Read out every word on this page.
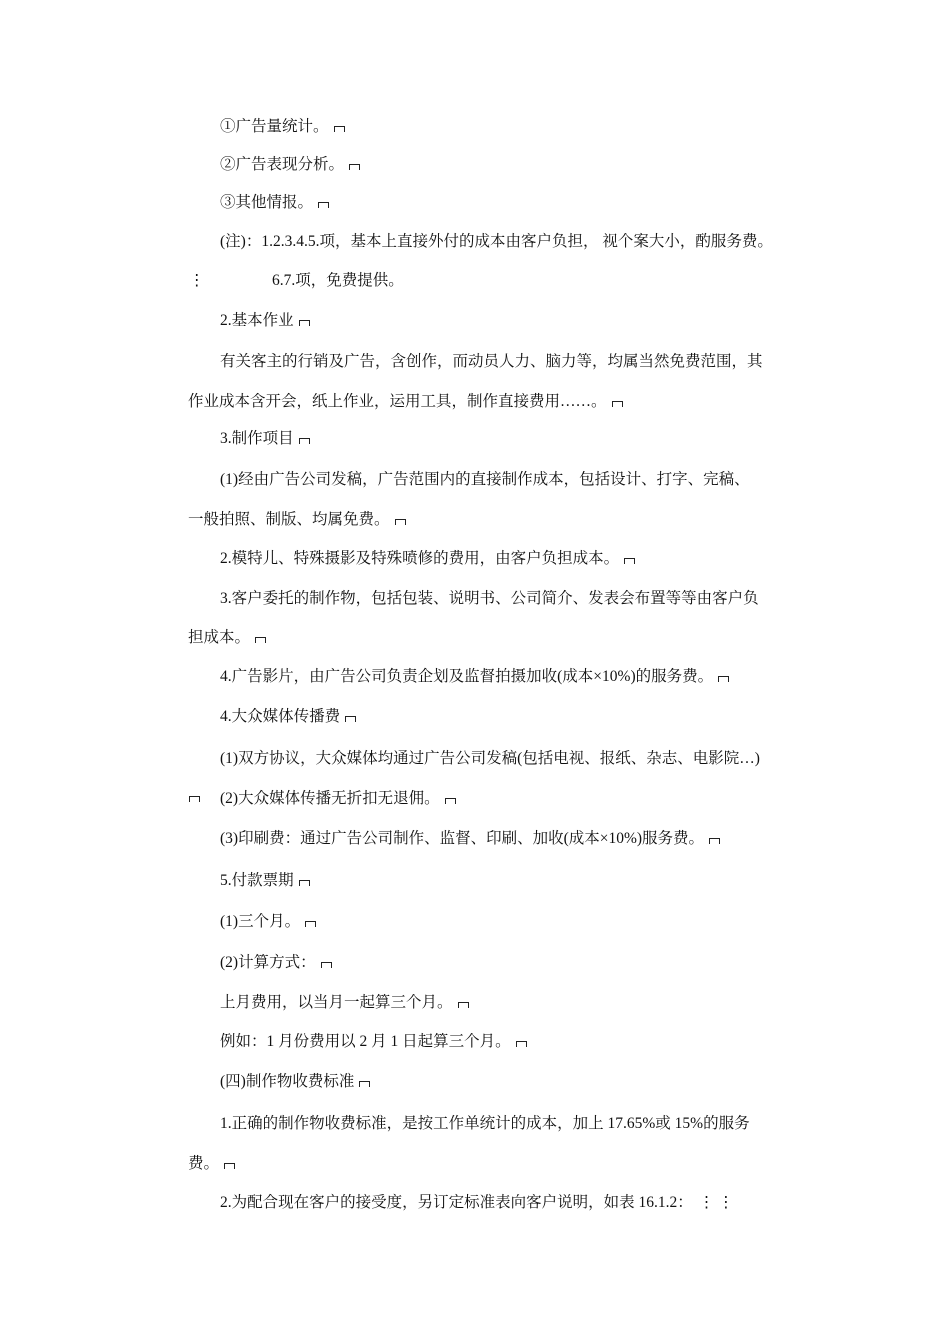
①广告量统计。
②广告表现分析。
③其他情报。
(注)：1.2.3.4.5.项，基本上直接外付的成本由客户负担， 视个案大小，酌服务费。
⋮	6.7.项，免费提供。
2.基本作业
有关客主的行销及广告，含创作，而动员人力、脑力等，均属当然免费范围，其
作业成本含开会，纸上作业，运用工具，制作直接费用……。
3.制作项目
(1)经由广告公司发稿，广告范围内的直接制作成本，包括设计、打字、完稿、
一般拍照、制版、均属免费。
2.模特儿、特殊摄影及特殊喷修的费用，由客户负担成本。
3.客户委托的制作物，包括包装、说明书、公司简介、发表会布置等等由客户负
担成本。
4.广告影片，由广告公司负责企划及监督拍摄加收(成本×10%)的服务费。
4.大众媒体传播费
(1)双方协议，大众媒体均通过广告公司发稿(包括电视、报纸、杂志、电影院…)
(2)大众媒体传播无折扣无退佣。
(3)印刷费：通过广告公司制作、监督、印刷、加收(成本×10%)服务费。
5.付款票期
(1)三个月。
(2)计算方式：
上月费用，以当月一起算三个月。
例如：1 月份费用以 2 月 1 日起算三个月。
(四)制作物收费标准
1.正确的制作物收费标准，是按工作单统计的成本，加上 17.65%或 15%的服务
费。
2.为配合现在客户的接受度，另订定标准表向客户说明，如表 16.1.2： ⋮ ⋮
